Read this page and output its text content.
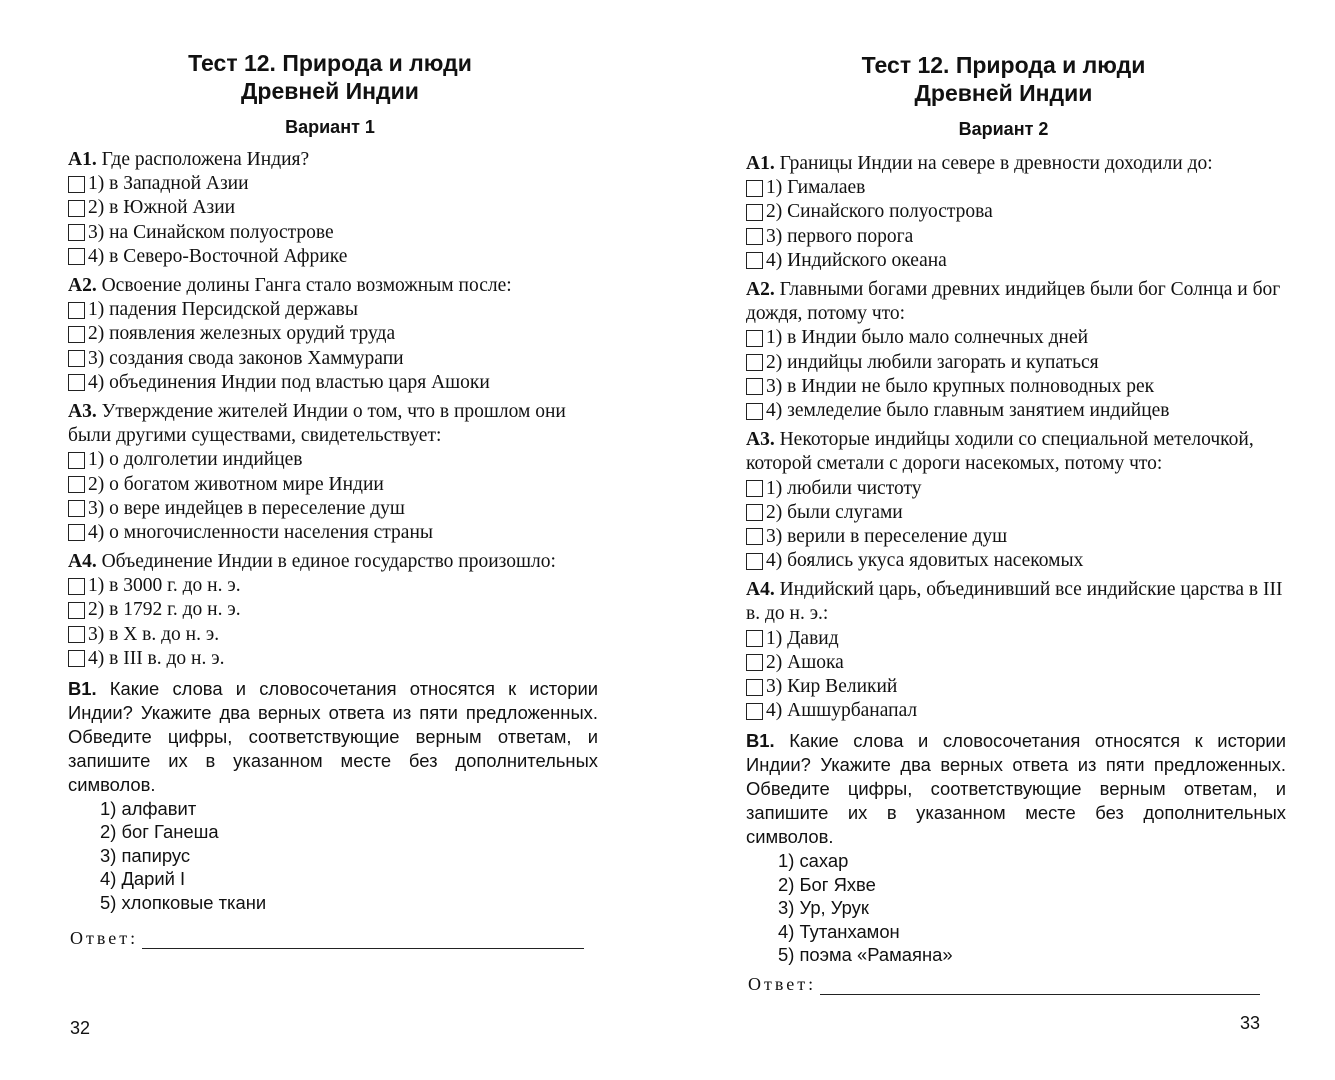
Тест 12. Природа и люди
Древней Индии
Вариант 1
А1. Где расположена Индия?
1) в Западной Азии
2) в Южной Азии
3) на Синайском полуострове
4) в Северо-Восточной Африке
А2. Освоение долины Ганга стало возможным после:
1) падения Персидской державы
2) появления железных орудий труда
3) создания свода законов Хаммурапи
4) объединения Индии под властью царя Ашоки
А3. Утверждение жителей Индии о том, что в прошлом они были другими существами, свидетельствует:
1) о долголетии индийцев
2) о богатом животном мире Индии
3) о вере индейцев в переселение душ
4) о многочисленности населения страны
А4. Объединение Индии в единое государство произошло:
1) в 3000 г. до н. э.
2) в 1792 г. до н. э.
3) в X в. до н. э.
4) в III в. до н. э.
В1. Какие слова и словосочетания относятся к истории Индии? Укажите два верных ответа из пяти предложенных. Обведите цифры, соответствующие верным ответам, и запишите их в указанном месте без дополнительных символов.
1) алфавит
2) бог Ганеша
3) папирус
4) Дарий I
5) хлопковые ткани
Ответ:
32
Тест 12. Природа и люди
Древней Индии
Вариант 2
А1. Границы Индии на севере в древности доходили до:
1) Гималаев
2) Синайского полуострова
3) первого порога
4) Индийского океана
А2. Главными богами древних индийцев были бог Солнца и бог дождя, потому что:
1) в Индии было мало солнечных дней
2) индийцы любили загорать и купаться
3) в Индии не было крупных полноводных рек
4) земледелие было главным занятием индийцев
А3. Некоторые индийцы ходили со специальной метелочкой, которой сметали с дороги насекомых, потому что:
1) любили чистоту
2) были слугами
3) верили в переселение душ
4) боялись укуса ядовитых насекомых
А4. Индийский царь, объединивший все индийские царства в III в. до н. э.:
1) Давид
2) Ашока
3) Кир Великий
4) Ашшурбанапал
В1. Какие слова и словосочетания относятся к истории Индии? Укажите два верных ответа из пяти предложенных. Обведите цифры, соответствующие верным ответам, и запишите их в указанном месте без дополнительных символов.
1) сахар
2) Бог Яхве
3) Ур, Урук
4) Тутанхамон
5) поэма «Рамаяна»
Ответ:
33
